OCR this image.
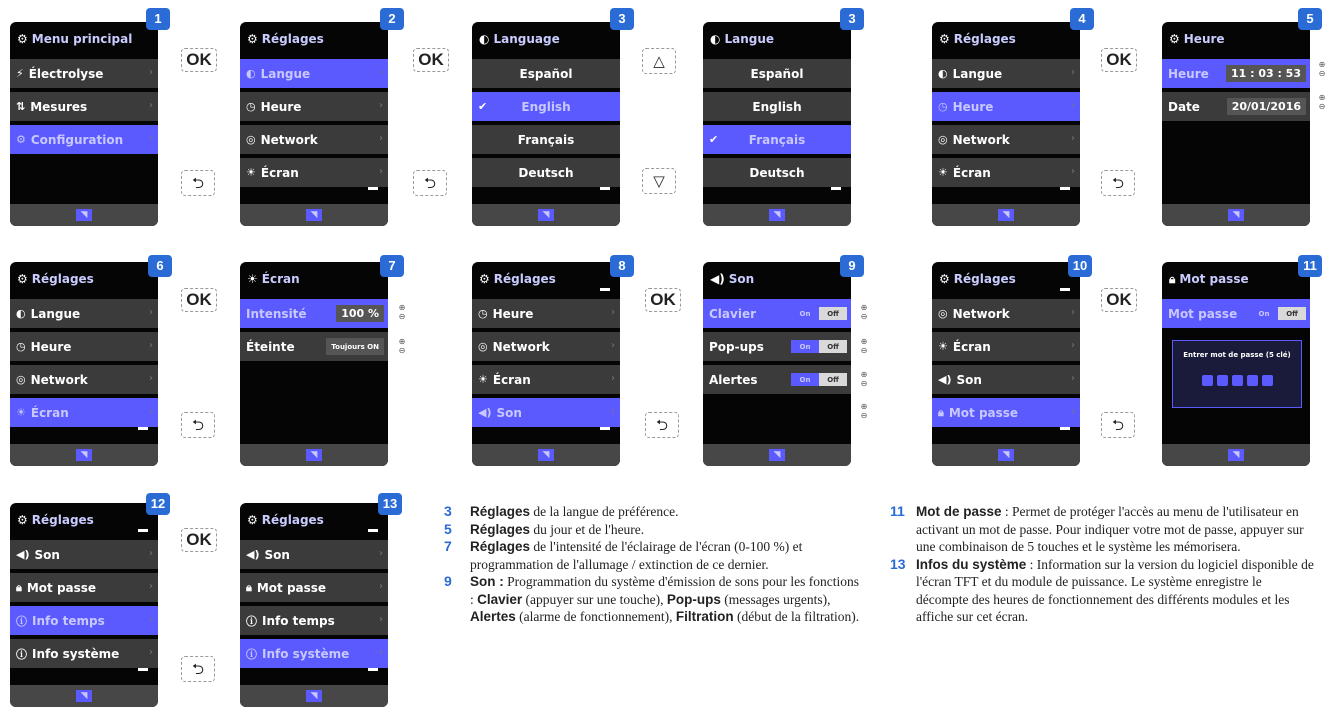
⚙ Menu principal
⚡ Électrolyse	›
⇅ Mesures	›
⚙ Configuration	›
◥
1
OK
⮌
⚙ Réglages
◐ Langue	›
◷ Heure	›
◎ Network	›
☀ Écran	›
◥
2
OK
⮌
◐ Language
Español
✔	English
Français
Deutsch
◥
3
△
▽
◐ Langue
Español
English
✔	Français
Deutsch
◥
3
⚙ Réglages
◐ Langue	›
◷ Heure	›
◎ Network	›
☀ Écran	›
◥
4
OK
⮌
⚙ Heure
Heure	11 : 03 : 53
Date	20/01/2016
◥
5
⊕
⊖
⊕
⊖
⚙ Réglages
◐ Langue	›
◷ Heure	›
◎ Network	›
☀ Écran	›
◥
6
OK
⮌
☀ Écran
Intensité	100 %
Éteinte	Toujours ON
◥
7
⊕
⊖
⊕
⊖
⚙ Réglages
◷ Heure	›
◎ Network	›
☀ Écran	›
◀) Son	›
◥
8
OK
⮌
◀) Son
Clavier	On	Off
Pop-ups	On	Off
Alertes	On	Off
◥
9
⊕
⊖
⊕
⊖
⊕
⊖
⊕
⊖
⚙ Réglages
◎ Network	›
☀ Écran	›
◀) Son	›
🔒︎ Mot passe	›
◥
10
OK
⮌
🔒︎ Mot passe
Mot passe	On	Off
Entrer mot de passe (5 clé)
◥
11
⚙ Réglages
◀) Son	›
🔒︎ Mot passe	›
ⓘ Info temps	›
ⓘ Info système	›
◥
12
OK
⮌
⚙ Réglages
◀) Son	›
🔒︎ Mot passe	›
ⓘ Info temps	›
ⓘ Info système	›
◥
13	3 Réglages de la langue de préférence.
5 Réglages du jour et de l'heure.
7 Réglages de l'intensité de l'éclairage de l'écran (0-100 %) et programmation de l'allumage / extinction de ce dernier.
9 Son : Programmation du système d'émission de sons pour les fonctions : Clavier (appuyer sur une touche), Pop-ups (messages urgents), Alertes (alarme de fonctionnement), Filtration (début de la filtration).
11 Mot de passe : Permet de protéger l'accès au menu de l'utilisateur en activant un mot de passe. Pour indiquer votre mot de passe, appuyer sur une combinaison de 5 touches et le système les mémorisera.
13 Infos du système : Information sur la version du logiciel disponible de l'écran TFT et du module de puissance. Le système enregistre le décompte des heures de fonctionnement des différents modules et les affiche sur cet écran.
